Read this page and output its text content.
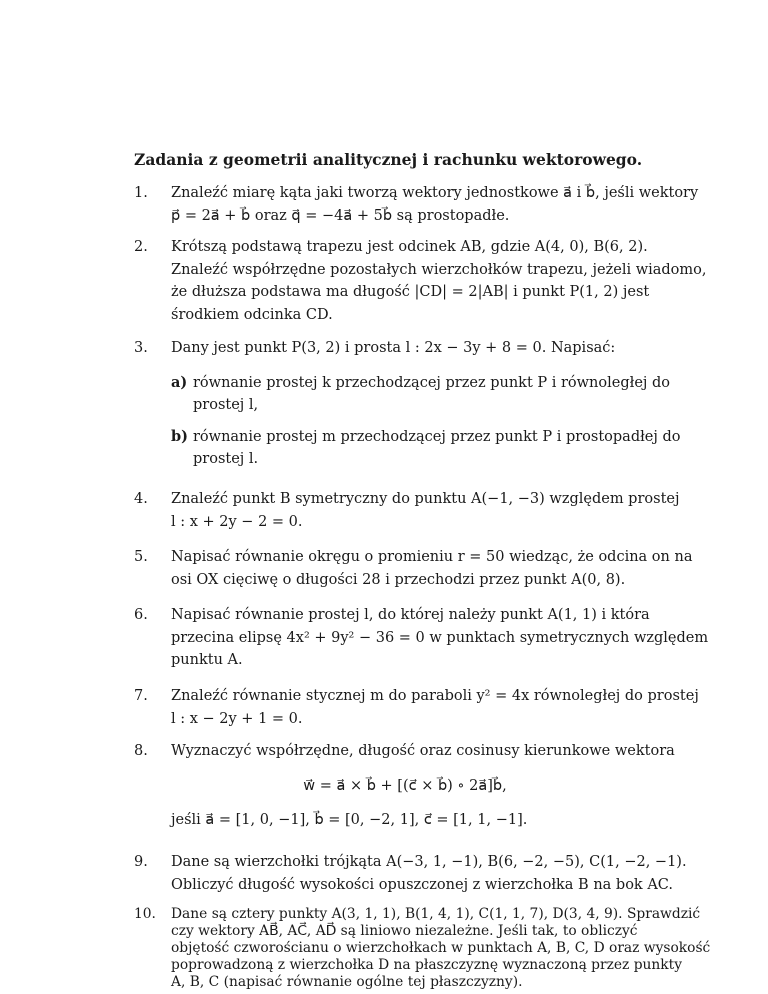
Zadania z geometrii analitycznej i rachunku wektorowego.
1.	Znaleźć miarę kąta jaki tworzą wektory jednostkowe a⃗ i b⃗, jeśli wektory
p⃗ = 2a⃗ + b⃗ oraz q⃗ = −4a⃗ + 5b⃗ są prostopadłe.
2.	Krótszą podstawą trapezu jest odcinek AB, gdzie A(4, 0), B(6, 2).
Znaleźć współrzędne pozostałych wierzchołków trapezu, jeżeli wiadomo,
że dłuższa podstawa ma długość |CD| = 2|AB| i punkt P(1, 2) jest
środkiem odcinka CD.
3.	Dany jest punkt P(3, 2) i prosta l : 2x − 3y + 8 = 0. Napisać:
a) równanie prostej k przechodzącej przez punkt P i równoległej do
prostej l,
b) równanie prostej m przechodzącej przez punkt P i prostopadłej do
prostej l.
4.	Znaleźć punkt B symetryczny do punktu A(−1, −3) względem prostej
l : x + 2y − 2 = 0.
5.	Napisać równanie okręgu o promieniu r = 50 wiedząc, że odcina on na
osi OX cięciwę o długości 28 i przechodzi przez punkt A(0, 8).
6.	Napisać równanie prostej l, do której należy punkt A(1, 1) i która
przecina elipsę 4x² + 9y² − 36 = 0 w punktach symetrycznych względem
punktu A.
7.	Znaleźć równanie stycznej m do paraboli y² = 4x równoległej do prostej
l : x − 2y + 1 = 0.
8.	Wyznaczyć współrzędne, długość oraz cosinusy kierunkowe wektora
w⃗ = a⃗ × b⃗ + [(c⃗ × b⃗) ∘ 2a⃗]b⃗,
jeśli a⃗ = [1, 0, −1], b⃗ = [0, −2, 1], c⃗ = [1, 1, −1].
9.	Dane są wierzchołki trójkąta A(−3, 1, −1), B(6, −2, −5), C(1, −2, −1).
Obliczyć długość wysokości opuszczonej z wierzchołka B na bok AC.
10.	Dane są cztery punkty A(3, 1, 1), B(1, 4, 1), C(1, 1, 7), D(3, 4, 9). Sprawdzić
czy wektory AB⃗, AC⃗, AD⃗ są liniowo niezależne. Jeśli tak, to obliczyć
objętość czworościanu o wierzchołkach w punktach A, B, C, D oraz wysokość
poprowadzoną z wierzchołka D na płaszczyznę wyznaczoną przez punkty
A, B, C (napisać równanie ogólne tej płaszczyzny).
